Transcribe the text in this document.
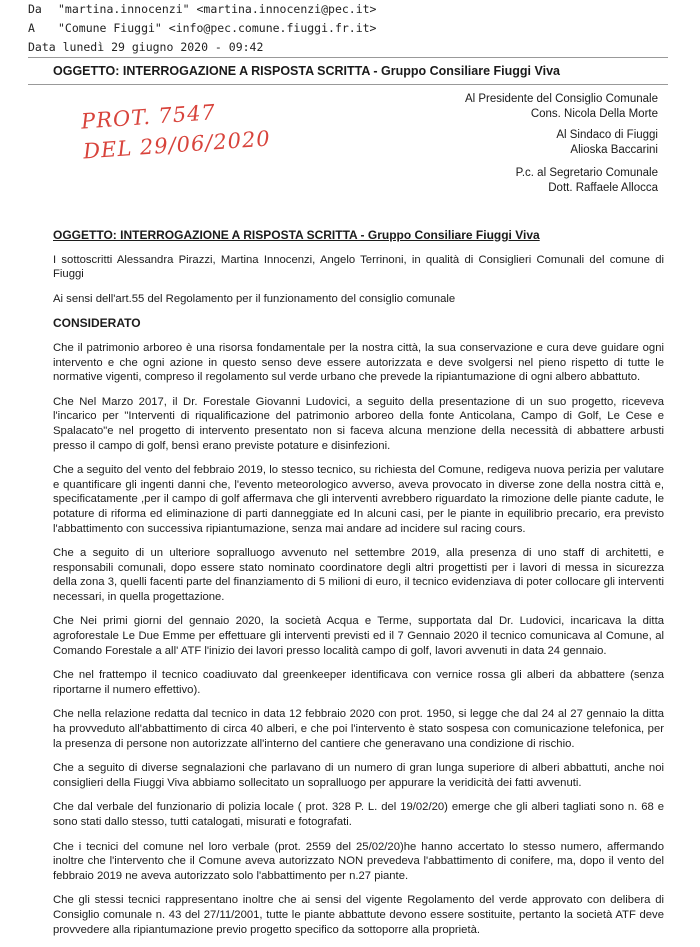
Da	"martina.innocenzi" <martina.innocenzi@pec.it>
A	"Comune Fiuggi" <info@pec.comune.fiuggi.fr.it>
Data lunedì 29 giugno 2020 - 09:42
OGGETTO: INTERROGAZIONE A RISPOSTA SCRITTA - Gruppo Consiliare Fiuggi Viva
PROT. 7547
DEL 29/06/2020
Al Presidente del Consiglio Comunale
Cons. Nicola Della Morte
Al Sindaco di Fiuggi
Alioska Baccarini
P.c. al Segretario Comunale
Dott. Raffaele Allocca
OGGETTO: INTERROGAZIONE A RISPOSTA SCRITTA - Gruppo Consiliare Fiuggi Viva

I sottoscritti Alessandra Pirazzi, Martina Innocenzi, Angelo Terrinoni, in qualità di Consiglieri Comunali del comune di Fiuggi

Ai sensi dell'art.55 del Regolamento per il funzionamento del consiglio comunale

CONSIDERATO

Che il patrimonio arboreo è una risorsa fondamentale per la nostra città, la sua conservazione e cura deve guidare ogni intervento e che ogni azione in questo senso deve essere autorizzata e deve svolgersi nel pieno rispetto di tutte le normative vigenti, compreso il regolamento sul verde urbano che prevede la ripiantumazione di ogni albero abbattuto.

Che Nel Marzo 2017, il Dr. Forestale Giovanni Ludovici, a seguito della presentazione di un suo progetto, riceveva l'incarico per "Interventi di riqualificazione del patrimonio arboreo della fonte Anticolana, Campo di Golf, Le Cese e Spalacato"e nel progetto di intervento presentato non si faceva alcuna menzione della necessità di abbattere arbusti presso il campo di golf, bensì erano previste potature e disinfezioni.

Che a seguito del vento del febbraio 2019, lo stesso tecnico, su richiesta del Comune, redigeva nuova perizia per valutare e quantificare gli ingenti danni che, l'evento meteorologico avverso, aveva provocato in diverse zone della nostra città e, specificatamente ,per il campo di golf affermava che gli interventi avrebbero riguardato la rimozione delle piante cadute, le potature di riforma ed eliminazione di parti danneggiate ed In alcuni casi, per le piante in equilibrio precario, era previsto l'abbattimento con successiva ripiantumazione, senza mai andare ad incidere sul racing cours.

Che a seguito di un ulteriore sopralluogo avvenuto nel settembre 2019, alla presenza di uno staff di architetti, e responsabili comunali, dopo essere stato nominato coordinatore degli altri progettisti per i lavori di messa in sicurezza della zona 3, quelli facenti parte del finanziamento di 5 milioni di euro, il tecnico evidenziava di poter collocare gli interventi necessari, in quella progettazione.

Che Nei primi giorni del gennaio 2020, la società Acqua e Terme, supportata dal Dr. Ludovici, incaricava la ditta agroforestale Le Due Emme per effettuare gli interventi previsti ed il 7 Gennaio 2020 il tecnico comunicava al Comune, al Comando Forestale a all' ATF l'inizio dei lavori presso località campo di golf, lavori avvenuti in data 24 gennaio.

Che nel frattempo il tecnico coadiuvato dal greenkeeper identificava con vernice rossa gli alberi da abbattere (senza riportarne il numero effettivo).

Che nella relazione redatta dal tecnico in data 12 febbraio 2020 con prot. 1950, si legge che dal 24 al 27 gennaio la ditta ha provveduto all'abbattimento di circa 40 alberi, e che poi l'intervento è stato sospesa con comunicazione telefonica, per la presenza di persone non autorizzate all'interno del cantiere che generavano una condizione di rischio.

Che a seguito di diverse segnalazioni che parlavano di un numero di gran lunga superiore di alberi abbattuti, anche noi consiglieri della Fiuggi Viva abbiamo sollecitato un sopralluogo per appurare la veridicità dei fatti avvenuti.

Che dal verbale del funzionario di polizia locale ( prot. 328 P. L. del 19/02/20) emerge che gli alberi tagliati sono n. 68 e sono stati dallo stesso, tutti catalogati, misurati e fotografati.

Che i tecnici del comune nel loro verbale (prot. 2559 del 25/02/20)he hanno accertato lo stesso numero, affermando inoltre che l'intervento che il Comune aveva autorizzato NON prevedeva l'abbattimento di conifere, ma, dopo il vento del febbraio 2019 ne aveva autorizzato solo l'abbattimento per n.27 piante.

Che gli stessi tecnici rappresentano inoltre che ai sensi del vigente Regolamento del verde approvato con delibera di Consiglio comunale n. 43 del 27/11/2001, tutte le piante abbattute devono essere sostituite, pertanto la società ATF deve provvedere alla ripiantumazione previo progetto specifico da sottoporre alla proprietà.
